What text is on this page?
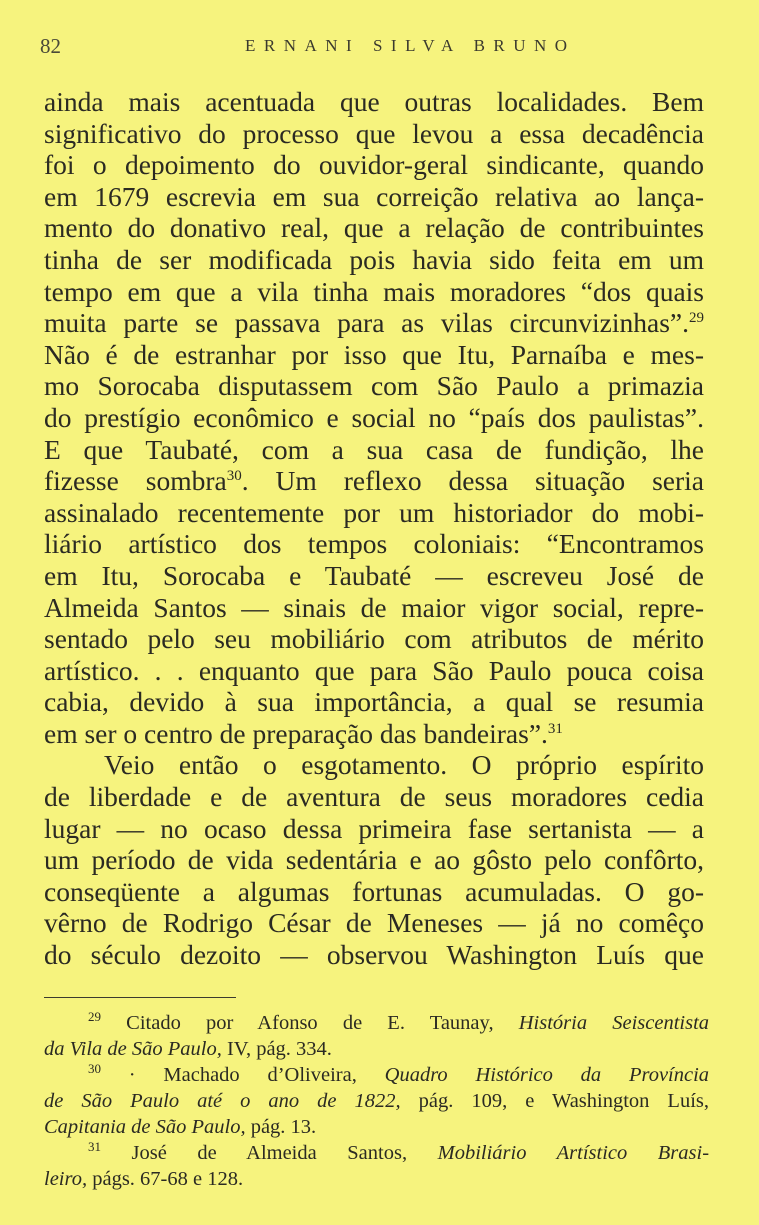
82	ERNANI SILVA BRUNO
ainda mais acentuada que outras localidades. Bem
significativo do processo que levou a essa decadência
foi o depoimento do ouvidor-geral sindicante, quando
em 1679 escrevia em sua correição relativa ao lança-
mento do donativo real, que a relação de contribuintes
tinha de ser modificada pois havia sido feita em um
tempo em que a vila tinha mais moradores “dos quais
muita parte se passava para as vilas circunvizinhas”.$^{29}$
Não é de estranhar por isso que Itu, Parnaíba e mes-
mo Sorocaba disputassem com São Paulo a primazia
do prestígio econômico e social no “país dos paulistas”.
E que Taubaté, com a sua casa de fundição, lhe
fizesse sombra$^{30}$. Um reflexo dessa situação seria
assinalado recentemente por um historiador do mobi-
liário artístico dos tempos coloniais: “Encontramos
em Itu, Sorocaba e Taubaté — escreveu José de
Almeida Santos — sinais de maior vigor social, repre-
sentado pelo seu mobiliário com atributos de mérito
artístico. . . enquanto que para São Paulo pouca coisa
cabia, devido à sua importância, a qual se resumia
em ser o centro de preparação das bandeiras”.$^{31}$
Veio então o esgotamento. O próprio espírito
de liberdade e de aventura de seus moradores cedia
lugar — no ocaso dessa primeira fase sertanista — a
um período de vida sedentária e ao gôsto pelo confôrto,
conseqüente a algumas fortunas acumuladas. O go-
vêrno de Rodrigo César de Meneses — já no comêço
do século dezoito — observou Washington Luís que
$^{29}$ Citado por Afonso de E. Taunay, História Seiscentista
da Vila de São Paulo, IV, pág. 334.
$^{30}$ · Machado d’Oliveira, Quadro Histórico da Província
de São Paulo até o ano de 1822, pág. 109, e Washington Luís,
Capitania de São Paulo, pág. 13.
$^{31}$ José de Almeida Santos, Mobiliário Artístico Brasi-
leiro, págs. 67-68 e 128.
